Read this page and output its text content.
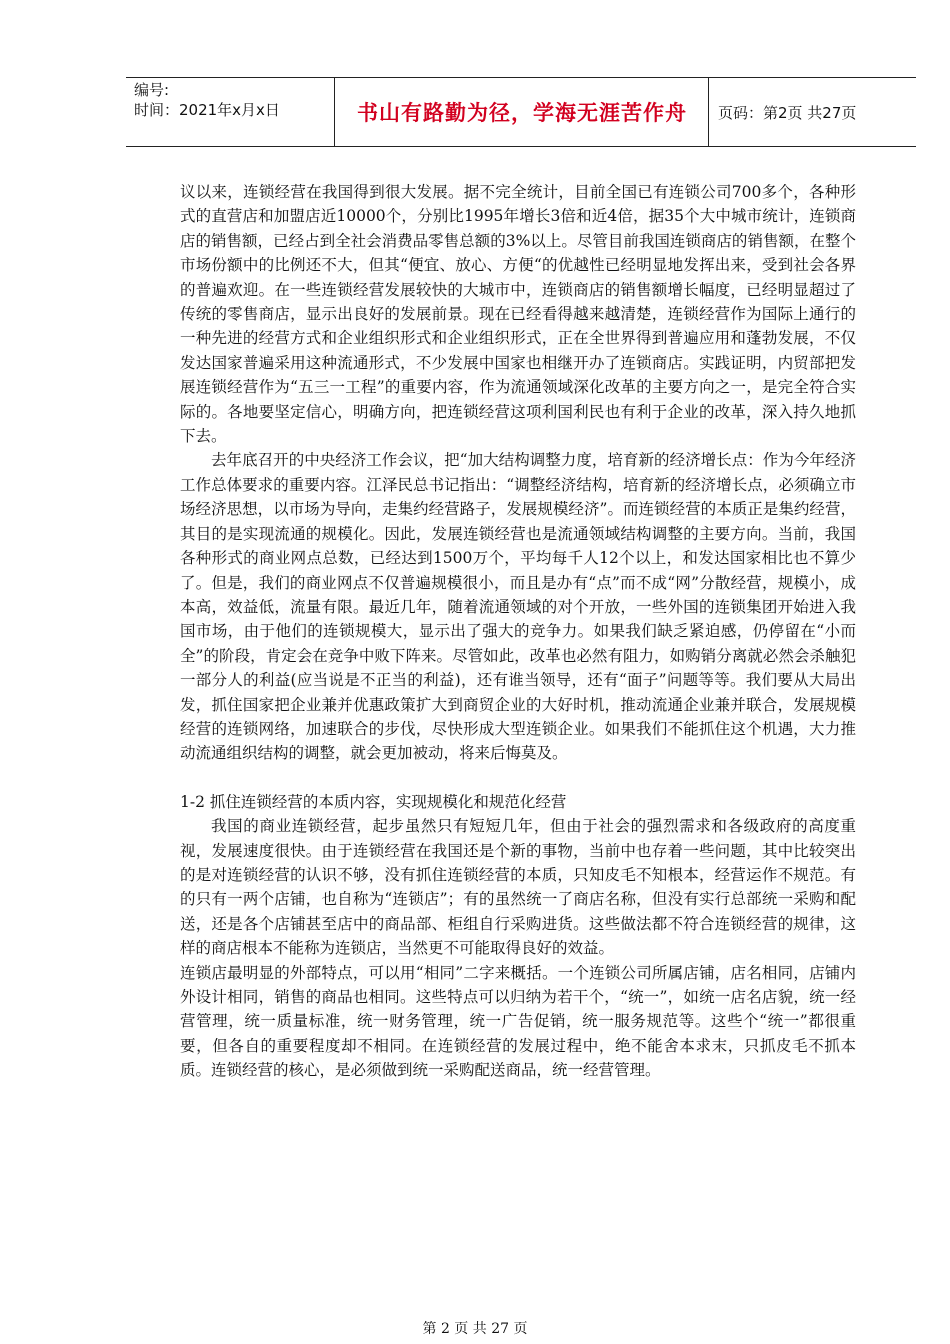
编号:
时间：2021年x月x日	书山有路勤为径，学海无涯苦作舟	页码：第2页 共27页

议以来，连锁经营在我国得到很大发展。据不完全统计，目前全国已有连锁公司700多个，各种形式的直营店和加盟店近10000个，分别比1995年增长3倍和近4倍，据35个大中城市统计，连锁商店的销售额，已经占到全社会消费品零售总额的3%以上。尽管目前我国连锁商店的销售额，在整个市场份额中的比例还不大，但其“便宜、放心、方便“的优越性已经明显地发挥出来，受到社会各界的普遍欢迎。在一些连锁经营发展较快的大城市中，连锁商店的销售额增长幅度，已经明显超过了传统的零售商店，显示出良好的发展前景。现在已经看得越来越清楚，连锁经营作为国际上通行的一种先进的经营方式和企业组织形式和企业组织形式，正在全世界得到普遍应用和蓬勃发展，不仅发达国家普遍采用这种流通形式，不少发展中国家也相继开办了连锁商店。实践证明，内贸部把发展连锁经营作为“五三一工程”的重要内容，作为流通领域深化改革的主要方向之一，是完全符合实际的。各地要坚定信心，明确方向，把连锁经营这项利国利民也有利于企业的改革，深入持久地抓下去。

去年底召开的中央经济工作会议，把“加大结构调整力度，培育新的经济增长点：作为今年经济工作总体要求的重要内容。江泽民总书记指出：“调整经济结构，培育新的经济增长点，必须确立市场经济思想，以市场为导向，走集约经营路子，发展规模经济”。而连锁经营的本质正是集约经营，其目的是实现流通的规模化。因此，发展连锁经营也是流通领域结构调整的主要方向。当前，我国各种形式的商业网点总数，已经达到1500万个，平均每千人12个以上，和发达国家相比也不算少了。但是，我们的商业网点不仅普遍规模很小，而且是办有“点”而不成“网”分散经营，规模小，成本高，效益低，流量有限。最近几年，随着流通领域的对个开放，一些外国的连锁集团开始进入我国市场，由于他们的连锁规模大，显示出了强大的竞争力。如果我们缺乏紧迫感，仍停留在“小而全”的阶段，肯定会在竞争中败下阵来。尽管如此，改革也必然有阻力，如购销分离就必然会杀触犯一部分人的利益(应当说是不正当的利益)，还有谁当领导，还有“面子”问题等等。我们要从大局出发，抓住国家把企业兼并优惠政策扩大到商贸企业的大好时机，推动流通企业兼并联合，发展规模经营的连锁网络，加速联合的步伐，尽快形成大型连锁企业。如果我们不能抓住这个机遇，大力推动流通组织结构的调整，就会更加被动，将来后悔莫及。

1-2 抓住连锁经营的本质内容，实现规模化和规范化经营

我国的商业连锁经营，起步虽然只有短短几年，但由于社会的强烈需求和各级政府的高度重视，发展速度很快。由于连锁经营在我国还是个新的事物，当前中也存着一些问题，其中比较突出的是对连锁经营的认识不够，没有抓住连锁经营的本质，只知皮毛不知根本，经营运作不规范。有的只有一两个店铺，也自称为“连锁店”；有的虽然统一了商店名称，但没有实行总部统一采购和配送，还是各个店铺甚至店中的商品部、柜组自行采购进货。这些做法都不符合连锁经营的规律，这样的商店根本不能称为连锁店，当然更不可能取得良好的效益。

连锁店最明显的外部特点，可以用“相同”二字来概括。一个连锁公司所属店铺，店名相同，店铺内外设计相同，销售的商品也相同。这些特点可以归纳为若干个，“统一”，如统一店名店貌，统一经营管理，统一质量标准，统一财务管理，统一广告促销，统一服务规范等。这些个“统一”都很重要，但各自的重要程度却不相同。在连锁经营的发展过程中，绝不能舍本求末，只抓皮毛不抓本质。连锁经营的核心，是必须做到统一采购配送商品，统一经营管理。

第 2 页 共 27 页
